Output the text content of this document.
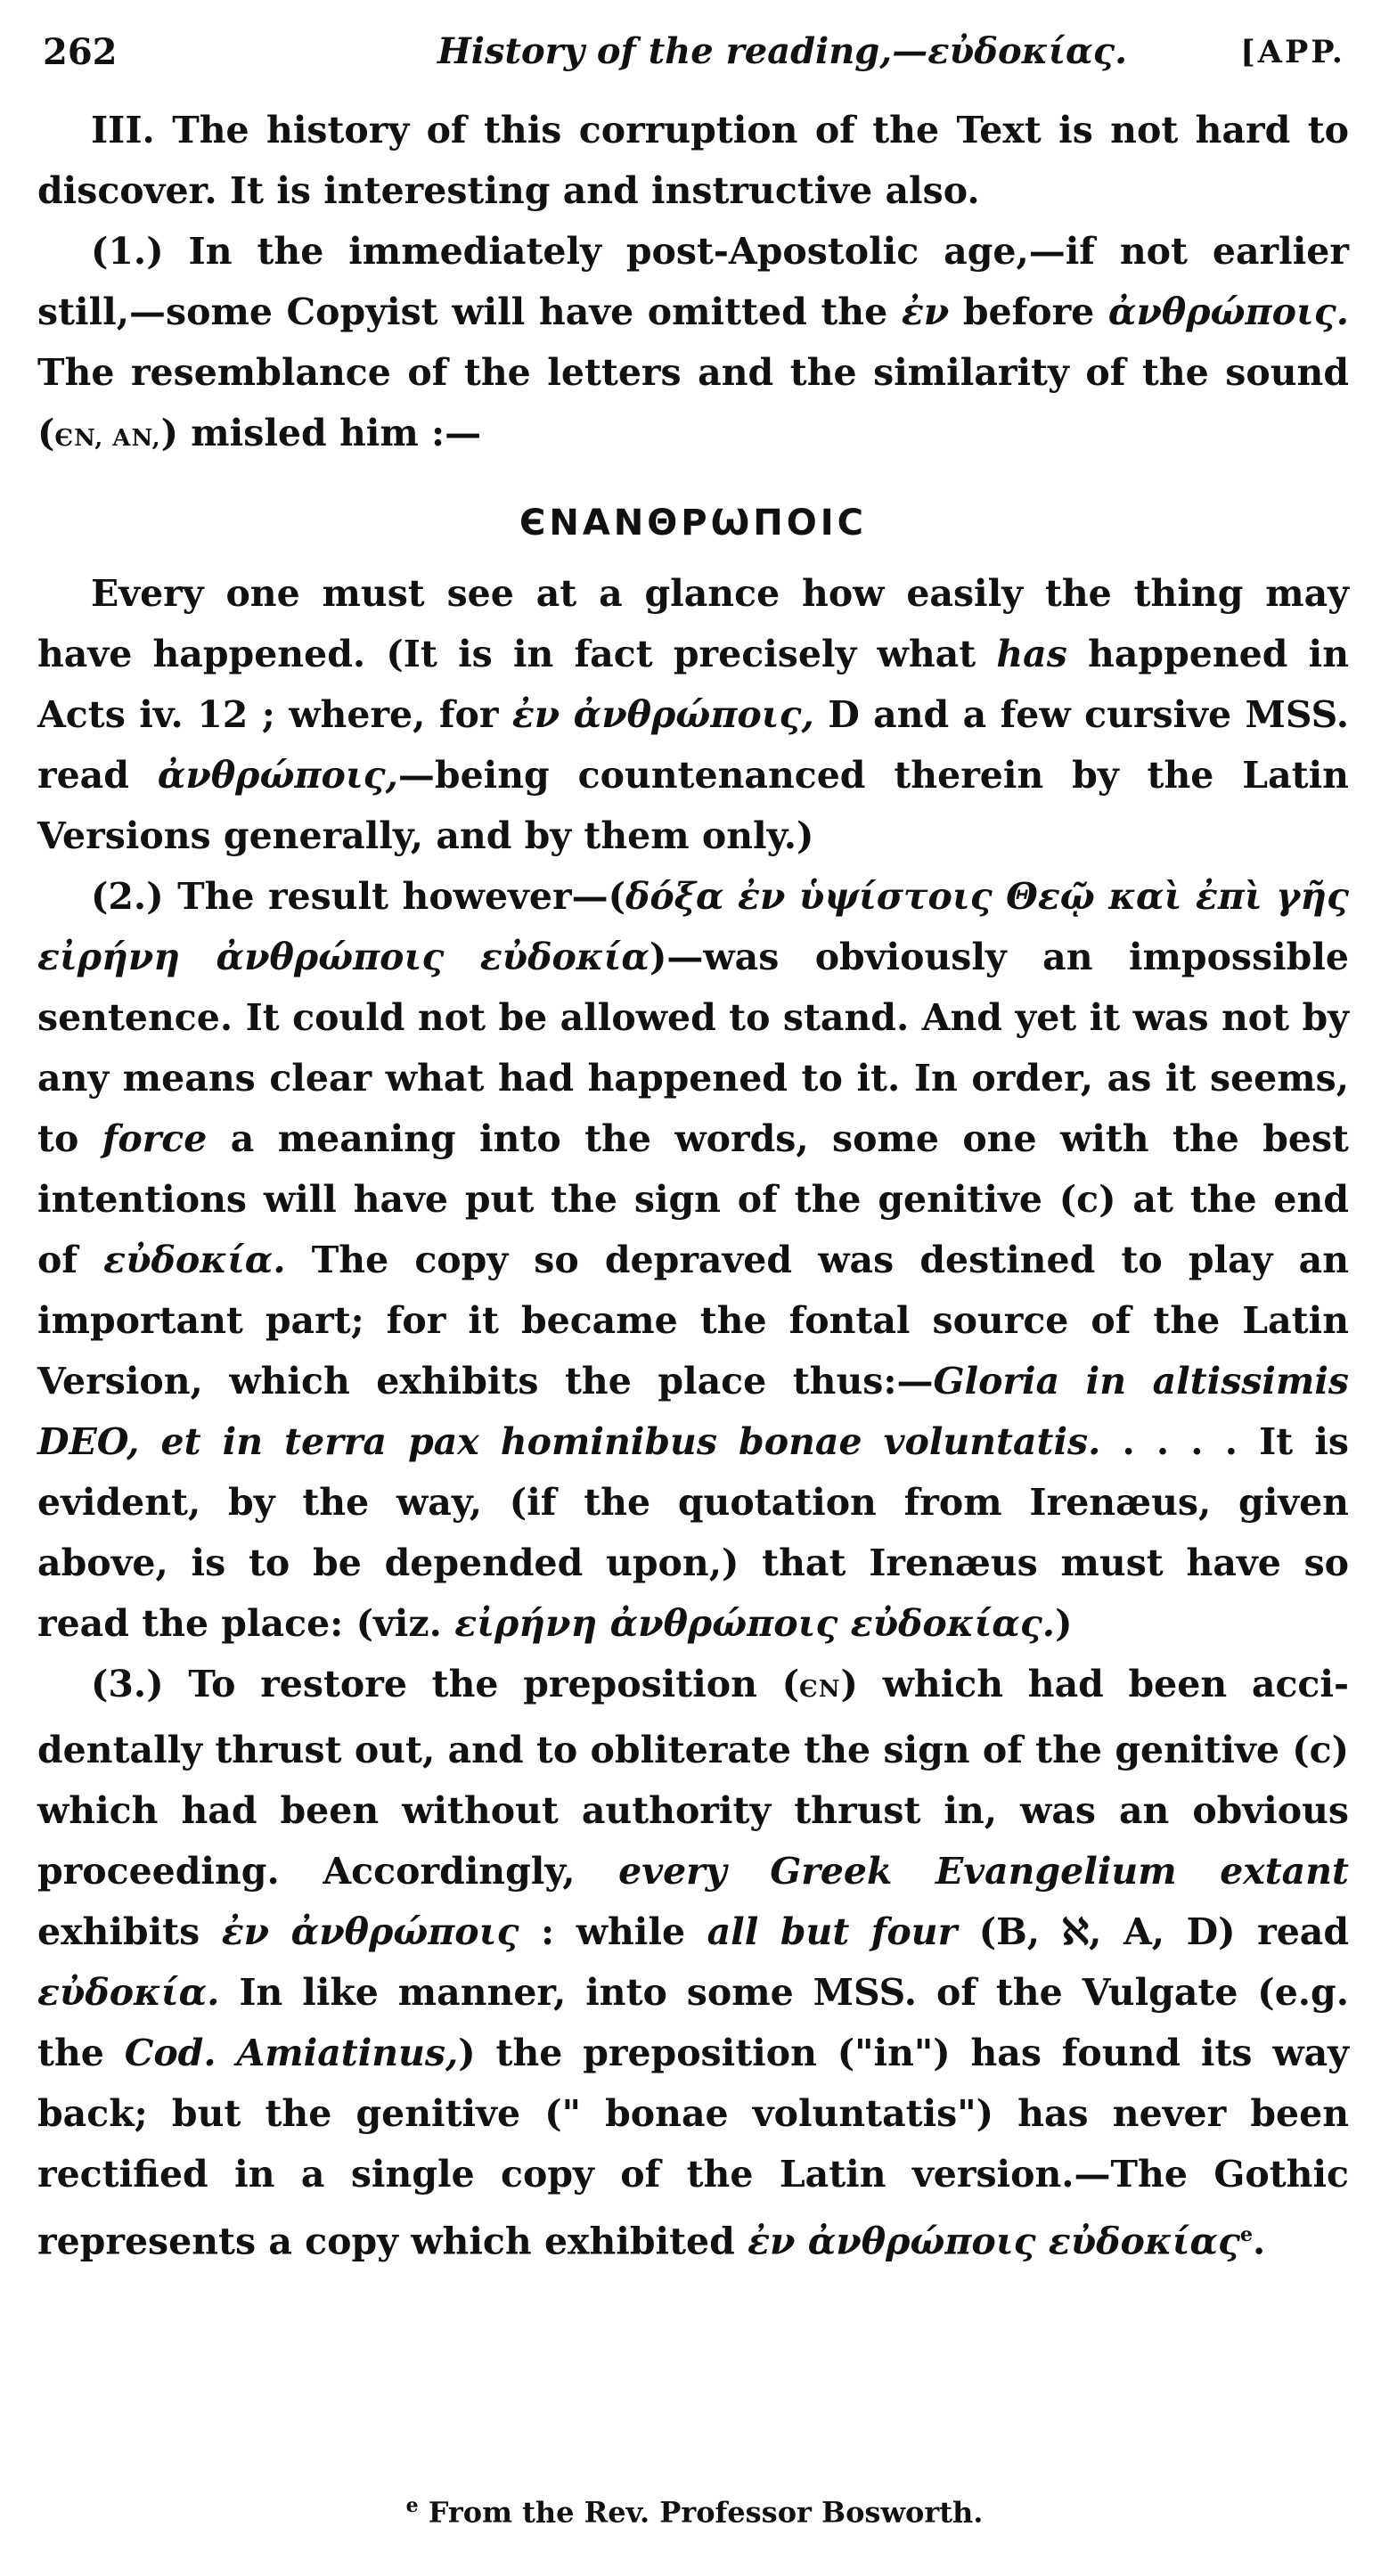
262	History of the reading,—εὐδοκίας.	[APP.

III. The history of this corruption of the Text is not hard to discover. It is interesting and instructive also.

(1.) In the immediately post-Apostolic age,—if not earlier still,—some Copyist will have omitted the ἐν before ἀνθρώποις. The resemblance of the letters and the similarity of the sound (ЄN, AN,) misled him :—

ЄNANΘPѠΠOIC

Every one must see at a glance how easily the thing may have happened. (It is in fact precisely what has happened in Acts iv. 12 ; where, for ἐν ἀνθρώποις, D and a few cursive MSS. read ἀνθρώποις,—being countenanced therein by the Latin Versions generally, and by them only.)

(2.) The result however—(δόξα ἐν ὑψίστοις Θεῷ καὶ ἐπὶ γῆς εἰρήνη ἀνθρώποις εὐδοκία)—was obviously an impossible sentence. It could not be allowed to stand. And yet it was not by any means clear what had happened to it. In order, as it seems, to force a meaning into the words, some one with the best intentions will have put the sign of the genitive (c) at the end of εὐδοκία. The copy so depraved was destined to play an important part; for it became the fontal source of the Latin Version, which exhibits the place thus:—Gloria in altissimis DEO, et in terra pax hominibus bonae voluntatis. . . . . It is evident, by the way, (if the quotation from Irenæus, given above, is to be depended upon,) that Irenæus must have so read the place: (viz. εἰρήνη ἀνθρώποις εὐδοκίας.)

(3.) To restore the preposition (ЄN) which had been accidentally thrust out, and to obliterate the sign of the genitive (c) which had been without authority thrust in, was an obvious proceeding. Accordingly, every Greek Evangelium extant exhibits ἐν ἀνθρώποις : while all but four (B, ℵ, A, D) read εὐδοκία. In like manner, into some MSS. of the Vulgate (e.g. the Cod. Amiatinus,) the preposition ("in") has found its way back; but the genitive (" bonae voluntatis") has never been rectified in a single copy of the Latin version.—The Gothic represents a copy which exhibited ἐν ἀνθρώποις εὐδοκίας$^e$.

$^e$ From the Rev. Professor Bosworth.
